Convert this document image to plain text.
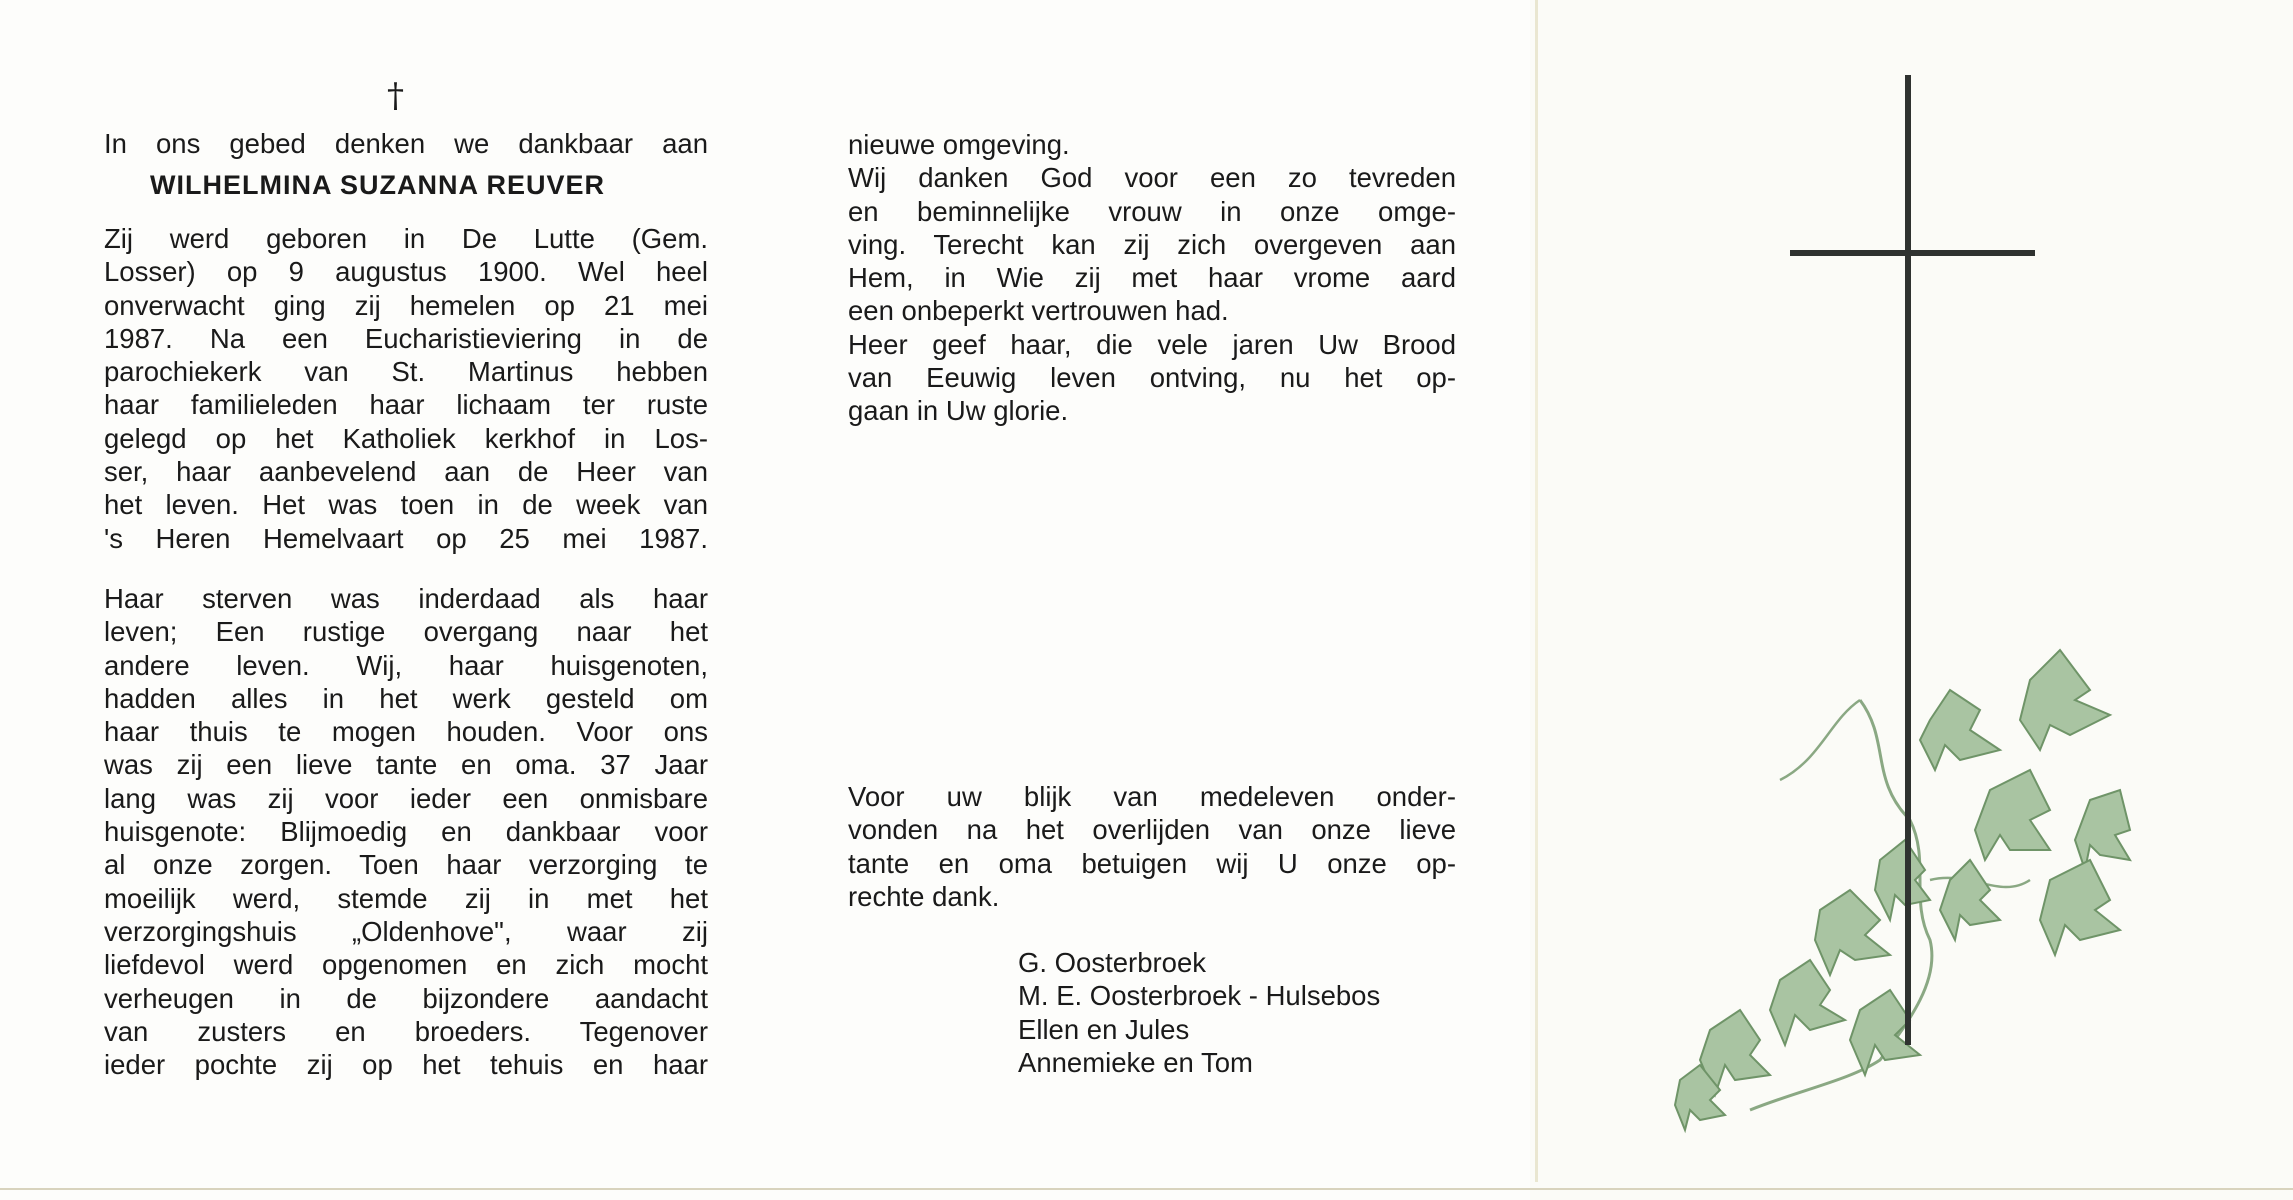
†
In ons gebed denken we dankbaar aan
WILHELMINA SUZANNA REUVER

Zij werd geboren in De Lutte (Gem.

Losser) op 9 augustus 1900. Wel heel

onverwacht ging zij hemelen op 21 mei

1987. Na een Eucharistieviering in de

parochiekerk van St. Martinus hebben

haar familieleden haar lichaam ter ruste

gelegd op het Katholiek kerkhof in Los-

ser, haar aanbevelend aan de Heer van

het leven. Het was toen in de week van

's Heren Hemelvaart op 25 mei 1987.

Haar sterven was inderdaad als haar

leven; Een rustige overgang naar het

andere leven. Wij, haar huisgenoten,

hadden alles in het werk gesteld om

haar thuis te mogen houden. Voor ons

was zij een lieve tante en oma. 37 Jaar

lang was zij voor ieder een onmisbare

huisgenote: Blijmoedig en dankbaar voor

al onze zorgen. Toen haar verzorging te

moeilijk werd, stemde zij in met het

verzorgingshuis „Oldenhove", waar zij

liefdevol werd opgenomen en zich mocht

verheugen in de bijzondere aandacht

van zusters en broeders. Tegenover

ieder pochte zij op het tehuis en haar

nieuwe omgeving.

Wij danken God voor een zo tevreden

en beminnelijke vrouw in onze omge-

ving. Terecht kan zij zich overgeven aan

Hem, in Wie zij met haar vrome aard

een onbeperkt vertrouwen had.

Heer geef haar, die vele jaren Uw Brood

van Eeuwig leven ontving, nu het op-

gaan in Uw glorie.

Voor uw blijk van medeleven onder-

vonden na het overlijden van onze lieve

tante en oma betuigen wij U onze op-

rechte dank.

G. Oosterbroek
M. E. Oosterbroek - Hulsebos
Ellen en Jules
Annemieke en Tom
